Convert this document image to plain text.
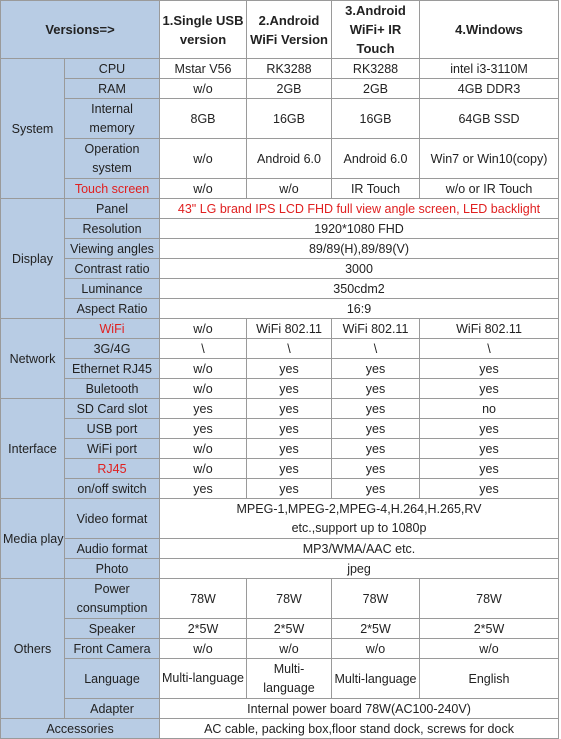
Versions=>		1.Single USB version	2.Android WiFi Version	3.Android WiFi+ IR Touch	4.Windows
System	CPU	Mstar V56	RK3288	RK3288	intel i3-3110M
	RAM	w/o	2GB	2GB	4GB DDR3
	Internal memory	8GB	16GB	16GB	64GB SSD
	Operation system	w/o	Android 6.0	Android 6.0	Win7 or Win10(copy)
	Touch screen	w/o	w/o	IR Touch	w/o or IR Touch
Display	Panel	43" LG brand IPS LCD FHD full view angle screen, LED backlight			
	Resolution	1920*1080 FHD			
	Viewing angles	89/89(H),89/89(V)			
	Contrast ratio	3000			
	Luminance	350cdm2			
	Aspect Ratio	16:9			
Network	WiFi	w/o	WiFi 802.11	WiFi 802.11	WiFi 802.11
	3G/4G	\	\	\	\
	Ethernet RJ45	w/o	yes	yes	yes
	Buletooth	w/o	yes	yes	yes
Interface	SD Card slot	yes	yes	yes	no
	USB port	yes	yes	yes	yes
	WiFi port	w/o	yes	yes	yes
	RJ45	w/o	yes	yes	yes
	on/off switch	yes	yes	yes	yes
Media play	Video format	MPEG-1,MPEG-2,MPEG-4,H.264,H.265,RV etc.,support up to 1080p			
	Audio format	MP3/WMA/AAC etc.			
	Photo	jpeg			
Others	Power consumption	78W	78W	78W	78W
	Speaker	2*5W	2*5W	2*5W	2*5W
	Front Camera	w/o	w/o	w/o	w/o
	Language	Multi-language	Multi-language	Multi-language	English
	Adapter	Internal power board 78W(AC100-240V)			
Accessories		AC cable, packing box,floor stand dock, screws for dock			
